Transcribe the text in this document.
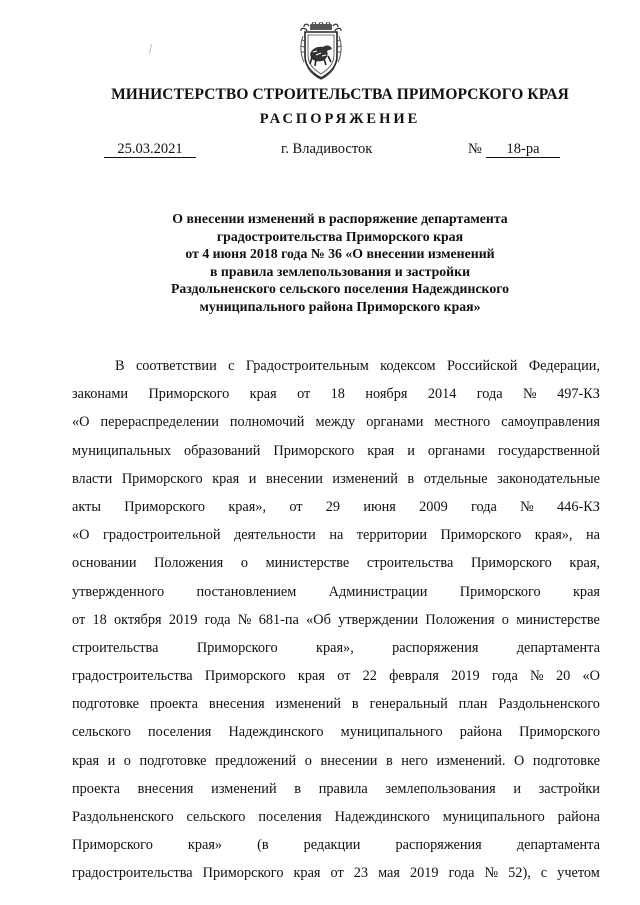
МИНИСТЕРСТВО СТРОИТЕЛЬСТВА ПРИМОРСКОГО КРАЯ
РАСПОРЯЖЕНИЕ
25.03.2021	г. Владивосток	№	18-ра
О внесении изменений в распоряжение департамента
градостроительства Приморского края
от 4 июня 2018 года № 36 «О внесении изменений
в правила землепользования и застройки
Раздольненского сельского поселения Надеждинского
муниципального района Приморского края»
В соответствии с Градостроительным кодексом Российской Федерации,
законами Приморского края от 18 ноября 2014 года № 497-КЗ
«О перераспределении полномочий между органами местного самоуправления
муниципальных образований Приморского края и органами государственной
власти Приморского края и внесении изменений в отдельные законодательные
акты Приморского края», от 29 июня 2009 года № 446-КЗ
«О градостроительной деятельности на территории Приморского края», на
основании Положения о министерстве строительства Приморского края,
утвержденного постановлением Администрации Приморского края
от 18 октября 2019 года № 681-па «Об утверждении Положения о министерстве
строительства	Приморского	края»,	распоряжения	департамента
градостроительства Приморского края от 22 февраля 2019 года № 20 «О
подготовке проекта внесения изменений в генеральный план Раздольненского
сельского поселения Надеждинского муниципального района Приморского
края и о подготовке предложений о внесении в него изменений. О подготовке
проекта внесения изменений в правила землепользования и застройки
Раздольненского сельского поселения Надеждинского муниципального района
Приморского края» (в редакции распоряжения департамента
градостроительства Приморского края от 23 мая 2019 года № 52), с учетом
